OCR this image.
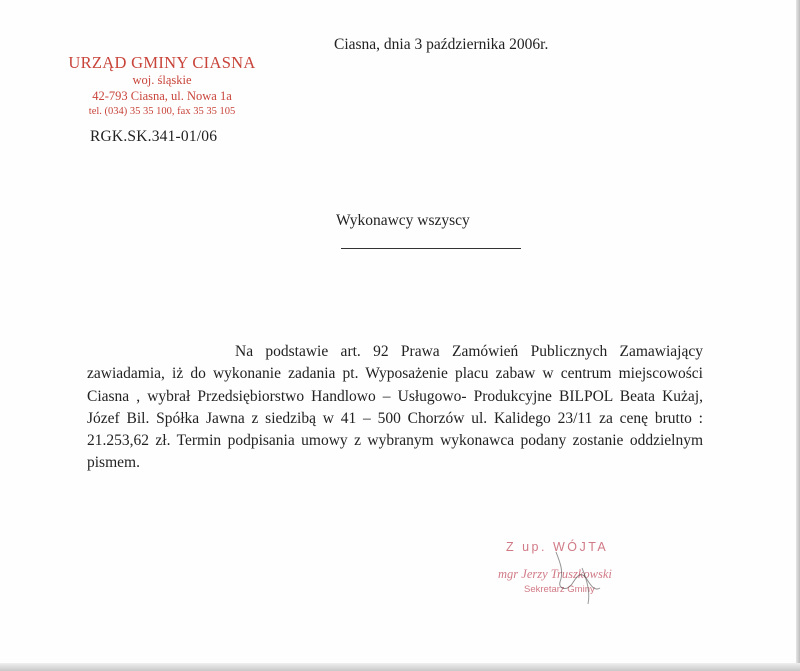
URZĄD GMINY CIASNA
woj. śląskie
42-793 Ciasna, ul. Nowa 1a
tel. (034) 35 35 100, fax 35 35 105
RGK.SK.341-01/06
Ciasna, dnia 3 października 2006r.
Wykonawcy wszyscy
Na podstawie art. 92 Prawa Zamówień Publicznych Zamawiający zawiadamia, iż do wykonanie zadania pt. Wyposażenie placu zabaw w centrum miejscowości Ciasna , wybrał Przedsiębiorstwo Handlowo – Usługowo- Produkcyjne BILPOL Beata Kużaj, Józef Bil. Spółka Jawna z siedzibą w 41 – 500 Chorzów ul. Kalidego 23/11 za cenę brutto : 21.253,62 zł. Termin podpisania umowy z wybranym wykonawca podany zostanie oddzielnym pismem.
Z up. WÓJTA
mgr Jerzy Truszkowski
Sekretarz Gminy
